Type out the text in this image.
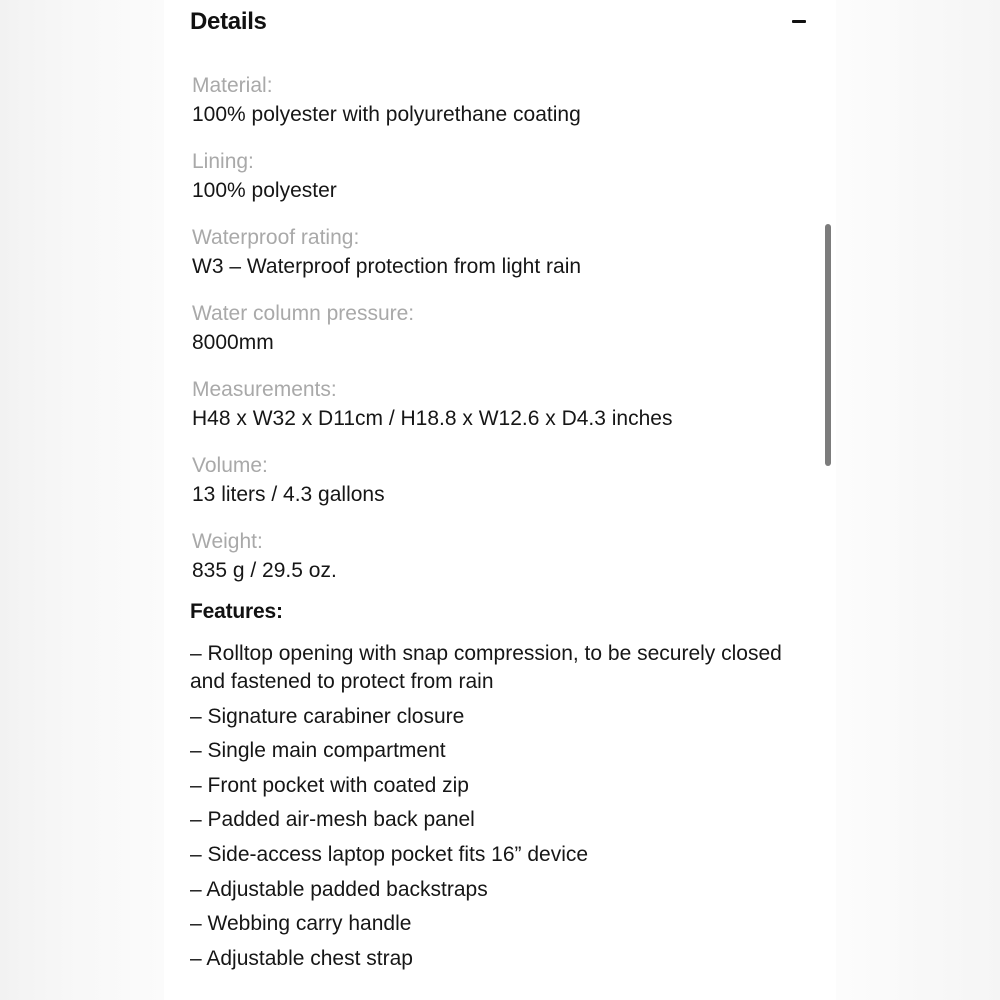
Details
Material:
100% polyester with polyurethane coating
Lining:
100% polyester
Waterproof rating:
W3 – Waterproof protection from light rain
Water column pressure:
8000mm
Measurements:
H48 x W32 x D11cm / H18.8 x W12.6 x D4.3 inches
Volume:
13 liters / 4.3 gallons
Weight:
835 g / 29.5 oz.
Features:
– Rolltop opening with snap compression, to be securely closed and fastened to protect from rain
– Signature carabiner closure
– Single main compartment
– Front pocket with coated zip
– Padded air-mesh back panel
– Side-access laptop pocket fits 16” device
– Adjustable padded backstraps
– Webbing carry handle
– Adjustable chest strap
